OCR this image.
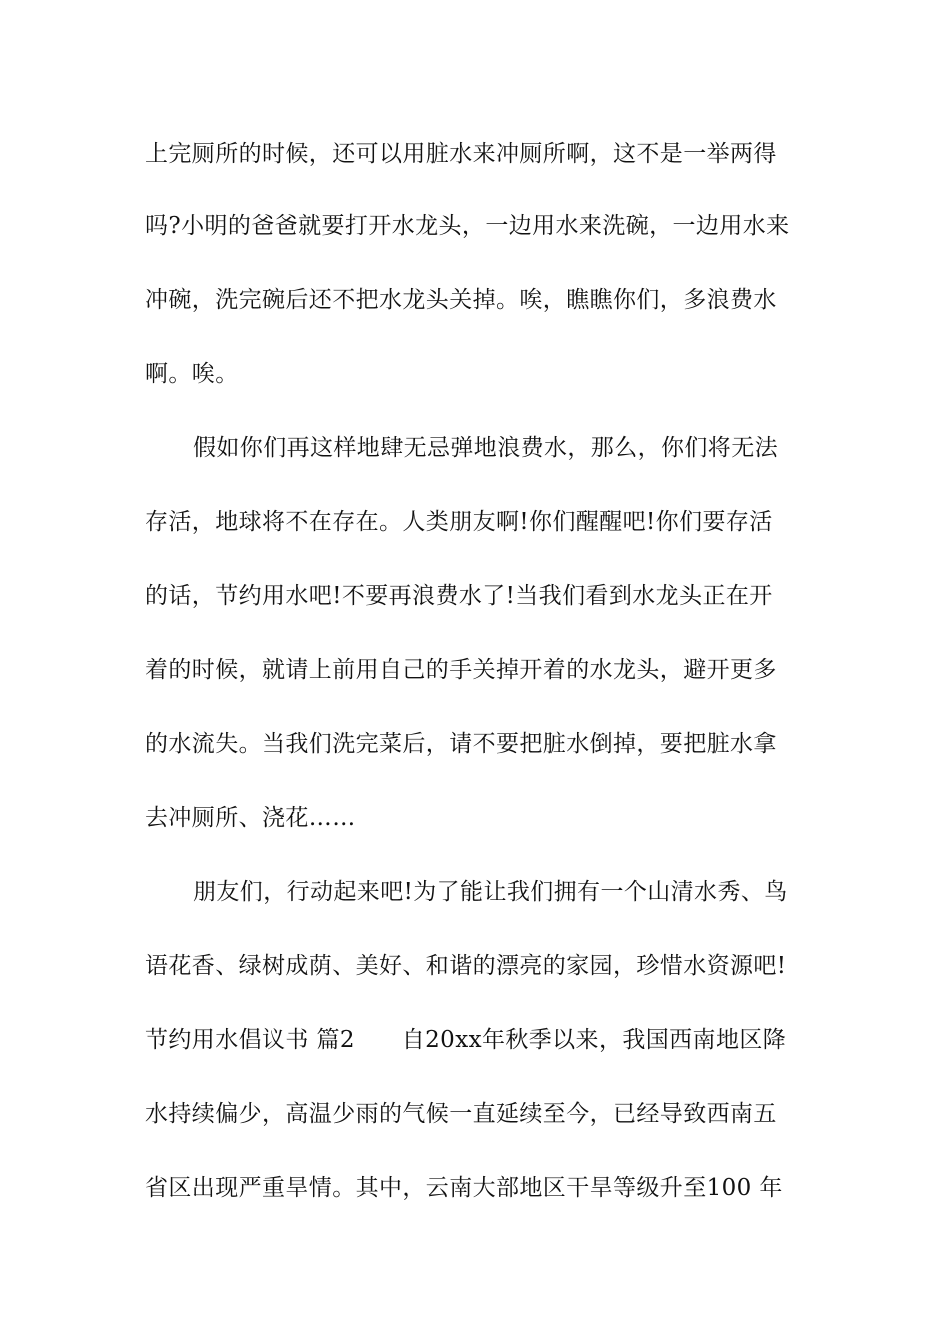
上完厕所的时候，还可以用脏水来冲厕所啊，这不是一举两得
吗?小明的爸爸就要打开水龙头，一边用水来洗碗，一边用水来
冲碗，洗完碗后还不把水龙头关掉。唉，瞧瞧你们，多浪费水
啊。唉。
假如你们再这样地肆无忌弹地浪费水，那么，你们将无法
存活，地球将不在存在。人类朋友啊!你们醒醒吧!你们要存活
的话，节约用水吧!不要再浪费水了!当我们看到水龙头正在开
着的时候，就请上前用自己的手关掉开着的水龙头，避开更多
的水流失。当我们洗完菜后，请不要把脏水倒掉，要把脏水拿
去冲厕所、浇花……
朋友们，行动起来吧!为了能让我们拥有一个山清水秀、鸟
语花香、绿树成荫、美好、和谐的漂亮的家园，珍惜水资源吧!
节约用水倡议书 篇2　　自20xx年秋季以来，我国西南地区降
水持续偏少，高温少雨的气候一直延续至今，已经导致西南五
省区出现严重旱情。其中，云南大部地区干旱等级升至100 年
